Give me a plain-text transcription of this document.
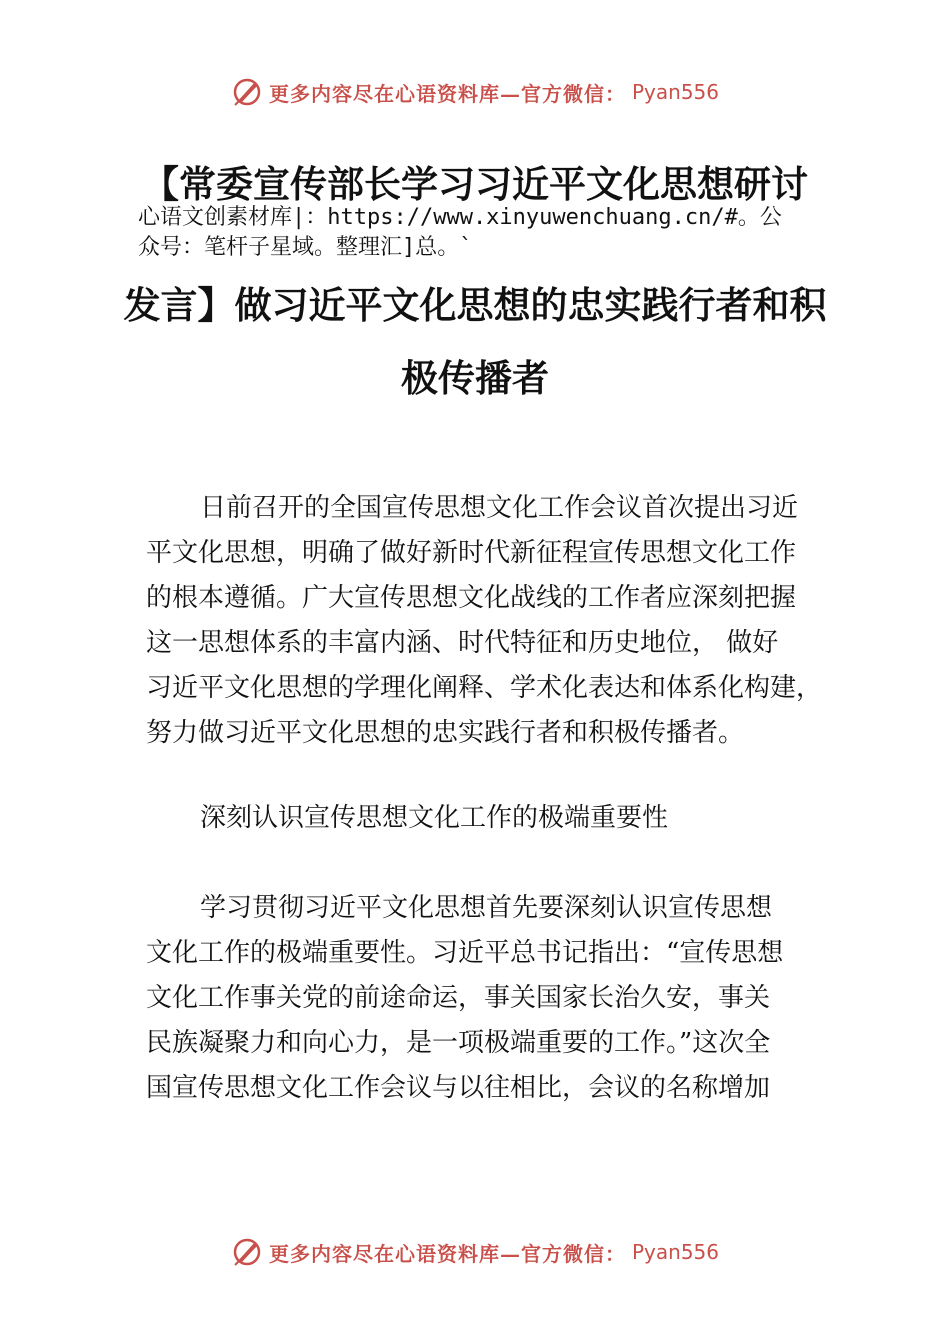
更多内容尽在心语资料库—官方微信： Pyan556
【常委宣传部长学习习近平文化思想研讨
心语文创素材库|：https://www.xinyuwenchuang.cn/#。公
众号：笔杆子星域。整理汇]总。`
发言】做习近平文化思想的忠实践行者和积
极传播者
日前召开的全国宣传思想文化工作会议首次提出习近
平文化思想，明确了做好新时代新征程宣传思想文化工作
的根本遵循。广大宣传思想文化战线的工作者应深刻把握
这一思想体系的丰富内涵、时代特征和历史地位， 做好
习近平文化思想的学理化阐释、学术化表达和体系化构建，
努力做习近平文化思想的忠实践行者和积极传播者。
深刻认识宣传思想文化工作的极端重要性
学习贯彻习近平文化思想首先要深刻认识宣传思想
文化工作的极端重要性。习近平总书记指出：“宣传思想
文化工作事关党的前途命运，事关国家长治久安，事关
民族凝聚力和向心力，是一项极端重要的工作。”这次全
国宣传思想文化工作会议与以往相比，会议的名称增加
更多内容尽在心语资料库—官方微信： Pyan556
